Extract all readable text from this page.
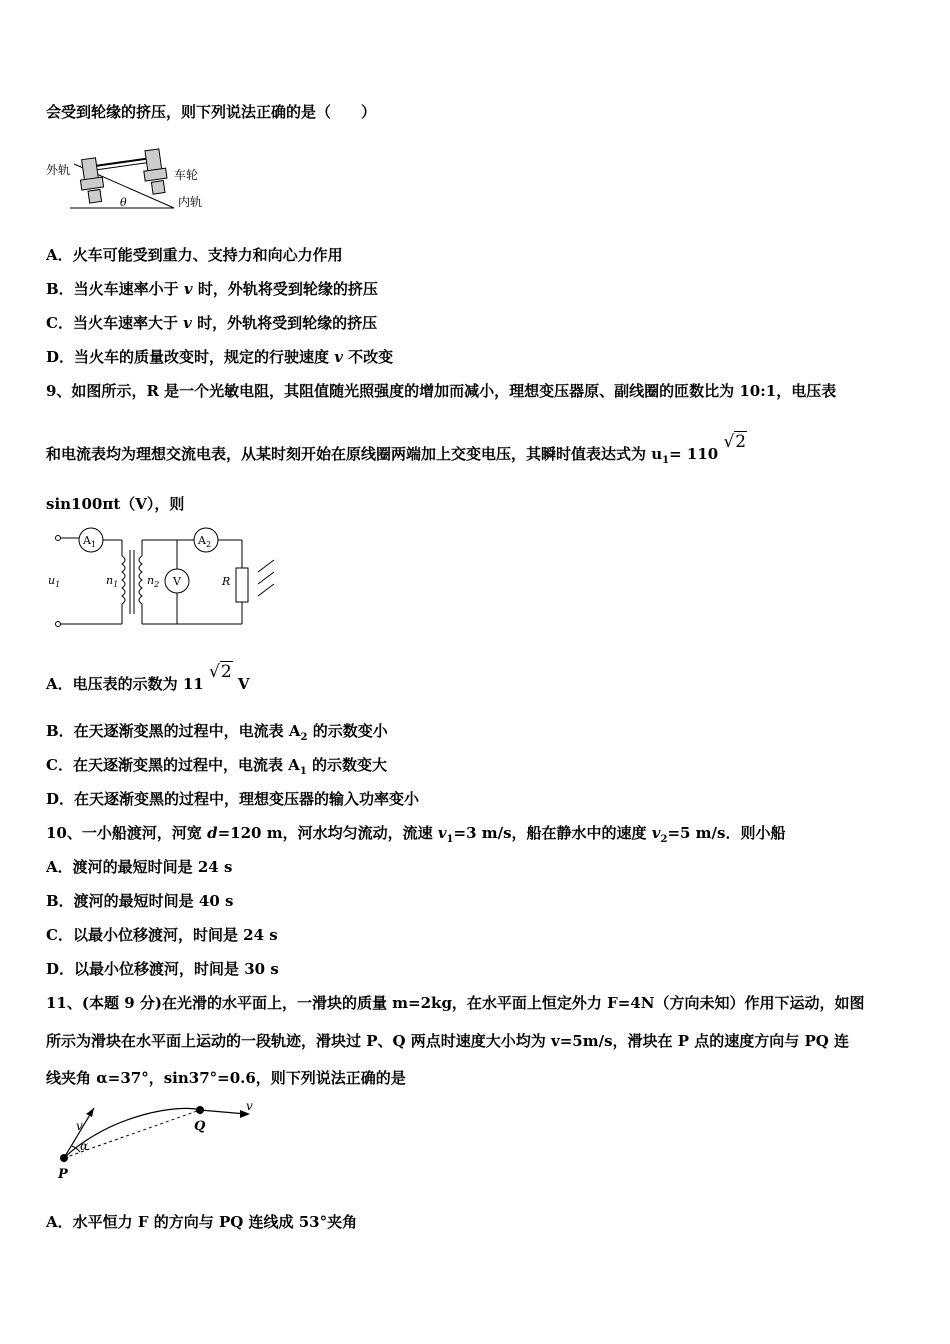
会受到轮缘的挤压，则下列说法正确的是（　　）
外轨	车轮
内轨
θ
A．火车可能受到重力、支持力和向心力作用
B．当火车速率小于 v 时，外轨将受到轮缘的挤压
C．当火车速率大于 v 时，外轨将受到轮缘的挤压
D．当火车的质量改变时，规定的行驶速度 v 不改变
9、如图所示，R 是一个光敏电阻，其阻值随光照强度的增加而减小，理想变压器原、副线圈的匝数比为 10:1，电压表
和电流表均为理想交流电表，从某时刻开始在原线圈两端加上交变电压，其瞬时值表达式为 $u_1= 110$ √2
sin100πt（V），则
$A_1$	$A_2$
$u_1$	$n_1$	$n_2$ V	R
A．电压表的示数为 11 √2 V
B．在天逐渐变黑的过程中，电流表 $A_2$ 的示数变小
C．在天逐渐变黑的过程中，电流表 $A_1$ 的示数变大
D．在天逐渐变黑的过程中，理想变压器的输入功率变小
10、一小船渡河，河宽 d=120 m，河水均匀流动，流速 $v_1=3$ m/s，船在静水中的速度 $v_2=5$ m/s．则小船
A．渡河的最短时间是 24 s
B．渡河的最短时间是 40 s
C．以最小位移渡河，时间是 24 s
D．以最小位移渡河，时间是 30 s
11、(本题 9 分)在光滑的水平面上，一滑块的质量 m=2kg，在水平面上恒定外力 F=4N（方向未知）作用下运动，如图
所示为滑块在水平面上运动的一段轨迹，滑块过 P、Q 两点时速度大小均为 v=5m/s，滑块在 P 点的速度方向与 PQ 连
线夹角 α=37°，sin37°=0.6，则下列说法正确的是
P
Q
v
v
α
A．水平恒力 F 的方向与 PQ 连线成 53°夹角
